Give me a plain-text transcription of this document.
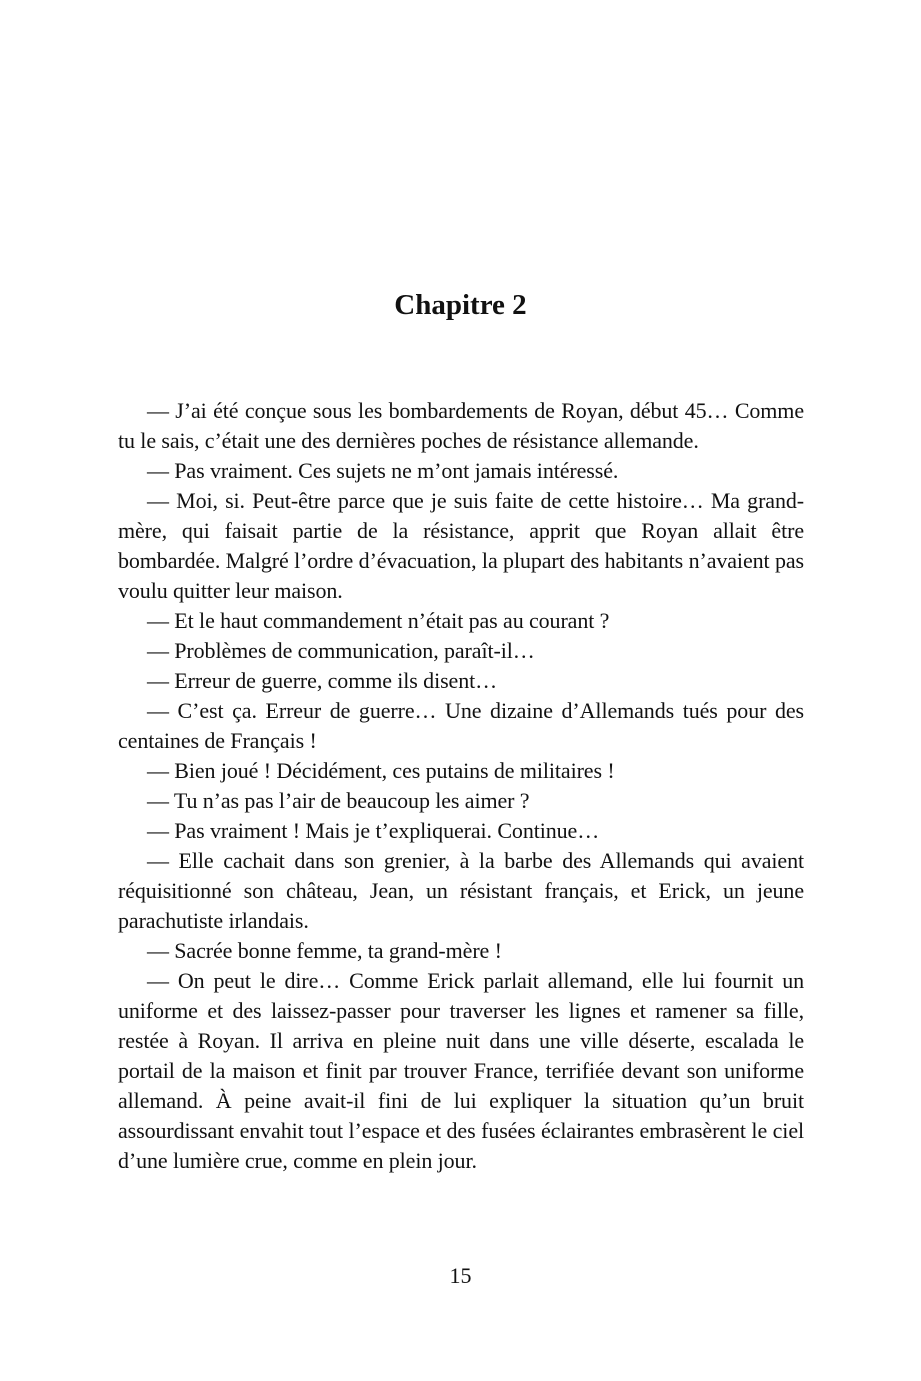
Chapitre 2

— J’ai été conçue sous les bombardements de Royan, début 45… Comme tu le sais, c’était une des dernières poches de résistance allemande.

— Pas vraiment. Ces sujets ne m’ont jamais intéressé.

— Moi, si. Peut-être parce que je suis faite de cette histoire… Ma grand-mère, qui faisait partie de la résistance, apprit que Royan allait être bombardée. Malgré l’ordre d’évacuation, la plupart des habitants n’avaient pas voulu quitter leur maison.

— Et le haut commandement n’était pas au courant ?

— Problèmes de communication, paraît-il…

— Erreur de guerre, comme ils disent…

— C’est ça. Erreur de guerre… Une dizaine d’Allemands tués pour des centaines de Français !

— Bien joué ! Décidément, ces putains de militaires !

— Tu n’as pas l’air de beaucoup les aimer ?

— Pas vraiment ! Mais je t’expliquerai. Continue…

— Elle cachait dans son grenier, à la barbe des Allemands qui avaient réquisitionné son château, Jean, un résistant français, et Erick, un jeune parachutiste irlandais.

— Sacrée bonne femme, ta grand-mère !

— On peut le dire… Comme Erick parlait allemand, elle lui fournit un uniforme et des laissez-passer pour traverser les lignes et ramener sa fille, restée à Royan. Il arriva en pleine nuit dans une ville déserte, escalada le portail de la maison et finit par trouver France, terrifiée devant son uniforme allemand. À peine avait-il fini de lui expliquer la situation qu’un bruit assourdissant envahit tout l’espace et des fusées éclairantes embrasèrent le ciel d’une lumière crue, comme en plein jour.

15
